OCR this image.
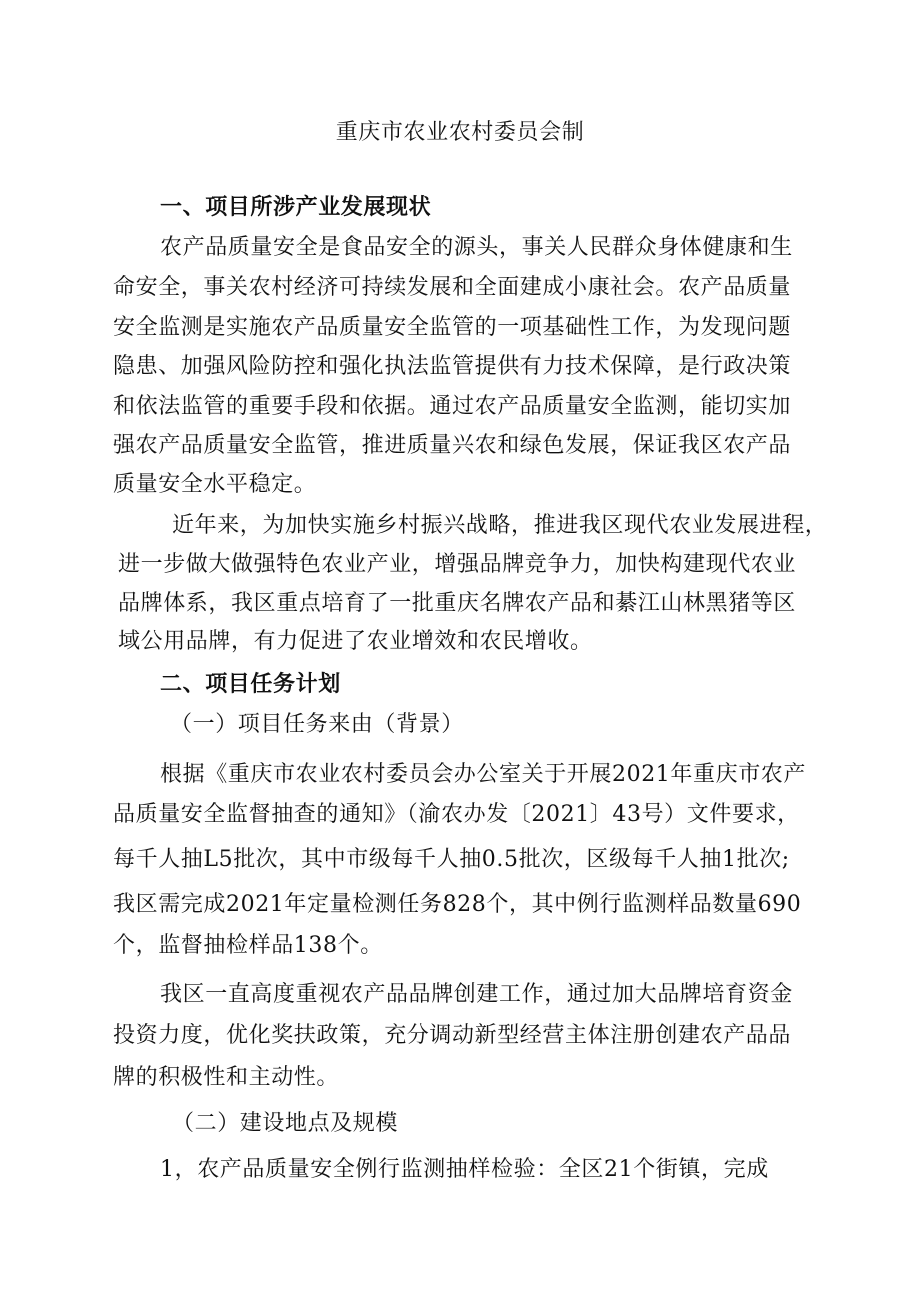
重庆市农业农村委员会制
一、项目所涉产业发展现状
农产品质量安全是食品安全的源头，事关人民群众身体健康和生
命安全，事关农村经济可持续发展和全面建成小康社会。农产品质量
安全监测是实施农产品质量安全监管的一项基础性工作，为发现问题
隐患、加强风险防控和强化执法监管提供有力技术保障，是行政决策
和依法监管的重要手段和依据。通过农产品质量安全监测，能切实加
强农产品质量安全监管，推进质量兴农和绿色发展，保证我区农产品
质量安全水平稳定。
近年来，为加快实施乡村振兴战略，推进我区现代农业发展进程，
进一步做大做强特色农业产业，增强品牌竞争力，加快构建现代农业
品牌体系，我区重点培育了一批重庆名牌农产品和綦江山林黑猪等区
域公用品牌，有力促进了农业增效和农民增收。
二、项目任务计划
（一）项目任务来由（背景）
根据《重庆市农业农村委员会办公室关于开展2021年重庆市农产
品质量安全监督抽查的通知》（渝农办发〔2021〕43号）文件要求，
每千人抽L5批次，其中市级每千人抽0.5批次，区级每千人抽1批次;
我区需完成2021年定量检测任务828个，其中例行监测样品数量690
个，监督抽检样品138个。
我区一直高度重视农产品品牌创建工作，通过加大品牌培育资金
投资力度，优化奖扶政策，充分调动新型经营主体注册创建农产品品
牌的积极性和主动性。
（二）建设地点及规模
1，农产品质量安全例行监测抽样检验：全区21个街镇，完成
